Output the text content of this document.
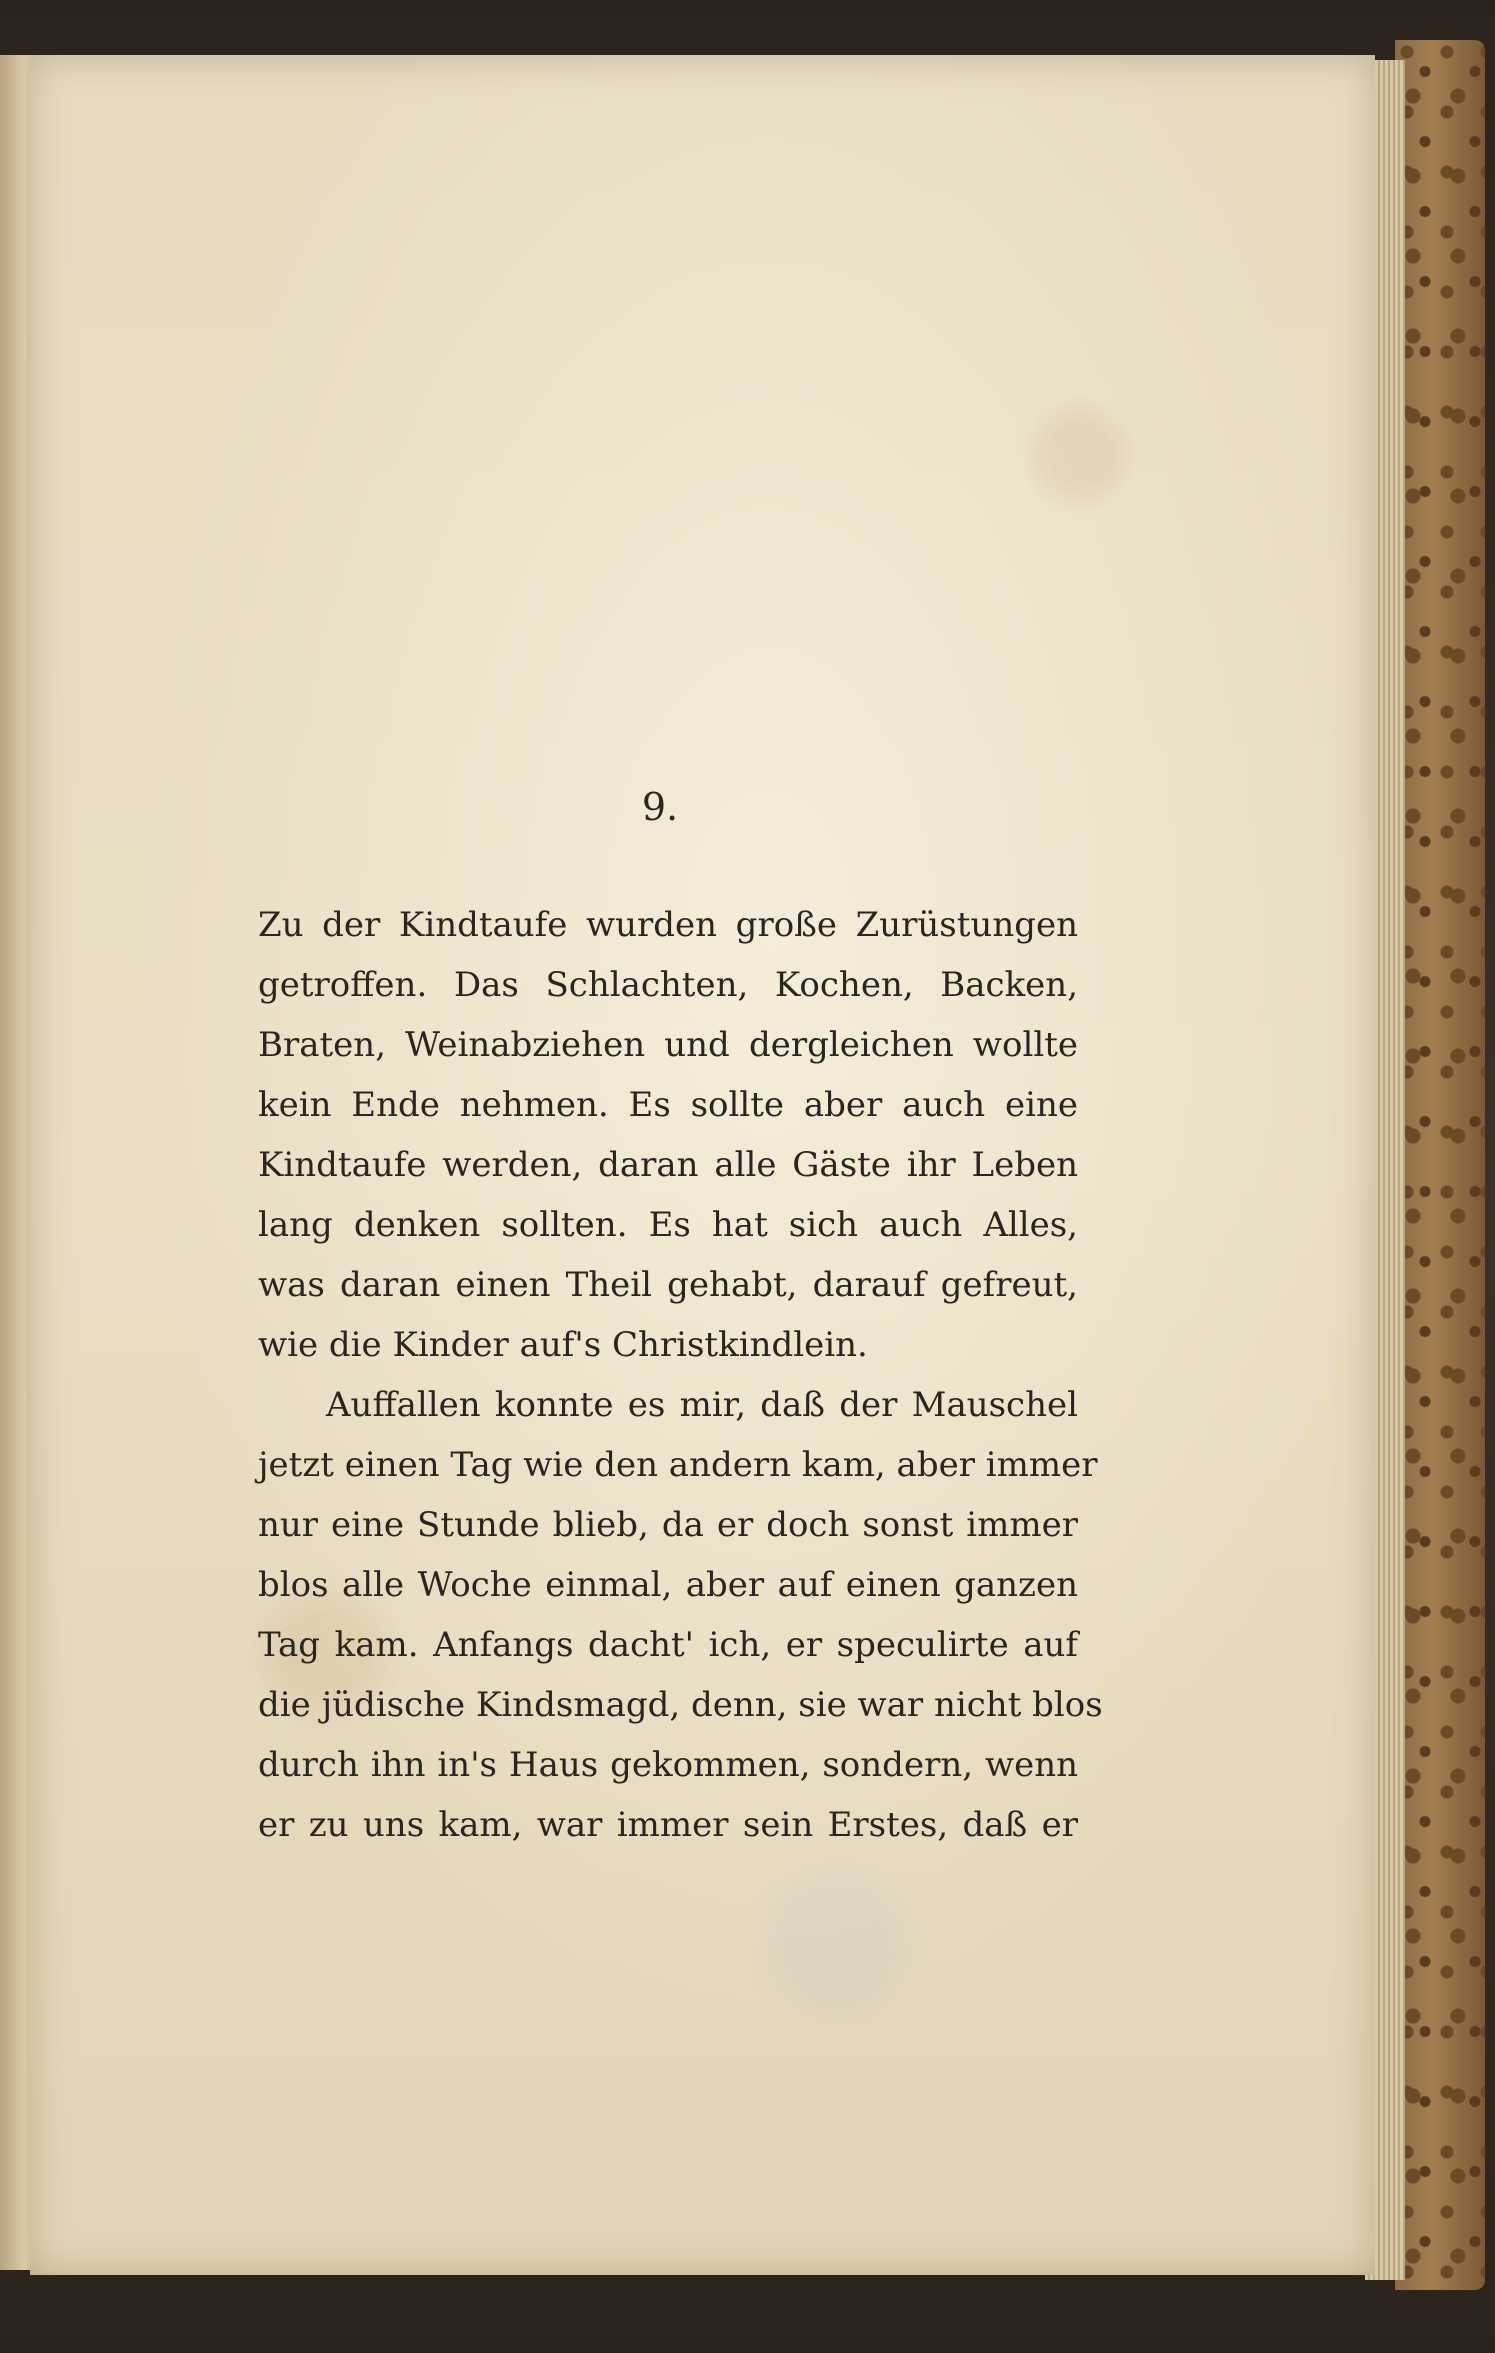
9.
Zu der Kindtaufe wurden große Zurüstungen
getroffen. Das Schlachten, Kochen, Backen,
Braten, Weinabziehen und dergleichen wollte
kein Ende nehmen. Es sollte aber auch eine
Kindtaufe werden, daran alle Gäste ihr Leben
lang denken sollten. Es hat sich auch Alles,
was daran einen Theil gehabt, darauf gefreut,
wie die Kinder auf's Christkindlein.
Auffallen konnte es mir, daß der Mauschel
jetzt einen Tag wie den andern kam, aber immer
nur eine Stunde blieb, da er doch sonst immer
blos alle Woche einmal, aber auf einen ganzen
Tag kam. Anfangs dacht' ich, er speculirte auf
die jüdische Kindsmagd, denn, sie war nicht blos
durch ihn in's Haus gekommen, sondern, wenn
er zu uns kam, war immer sein Erstes, daß er
